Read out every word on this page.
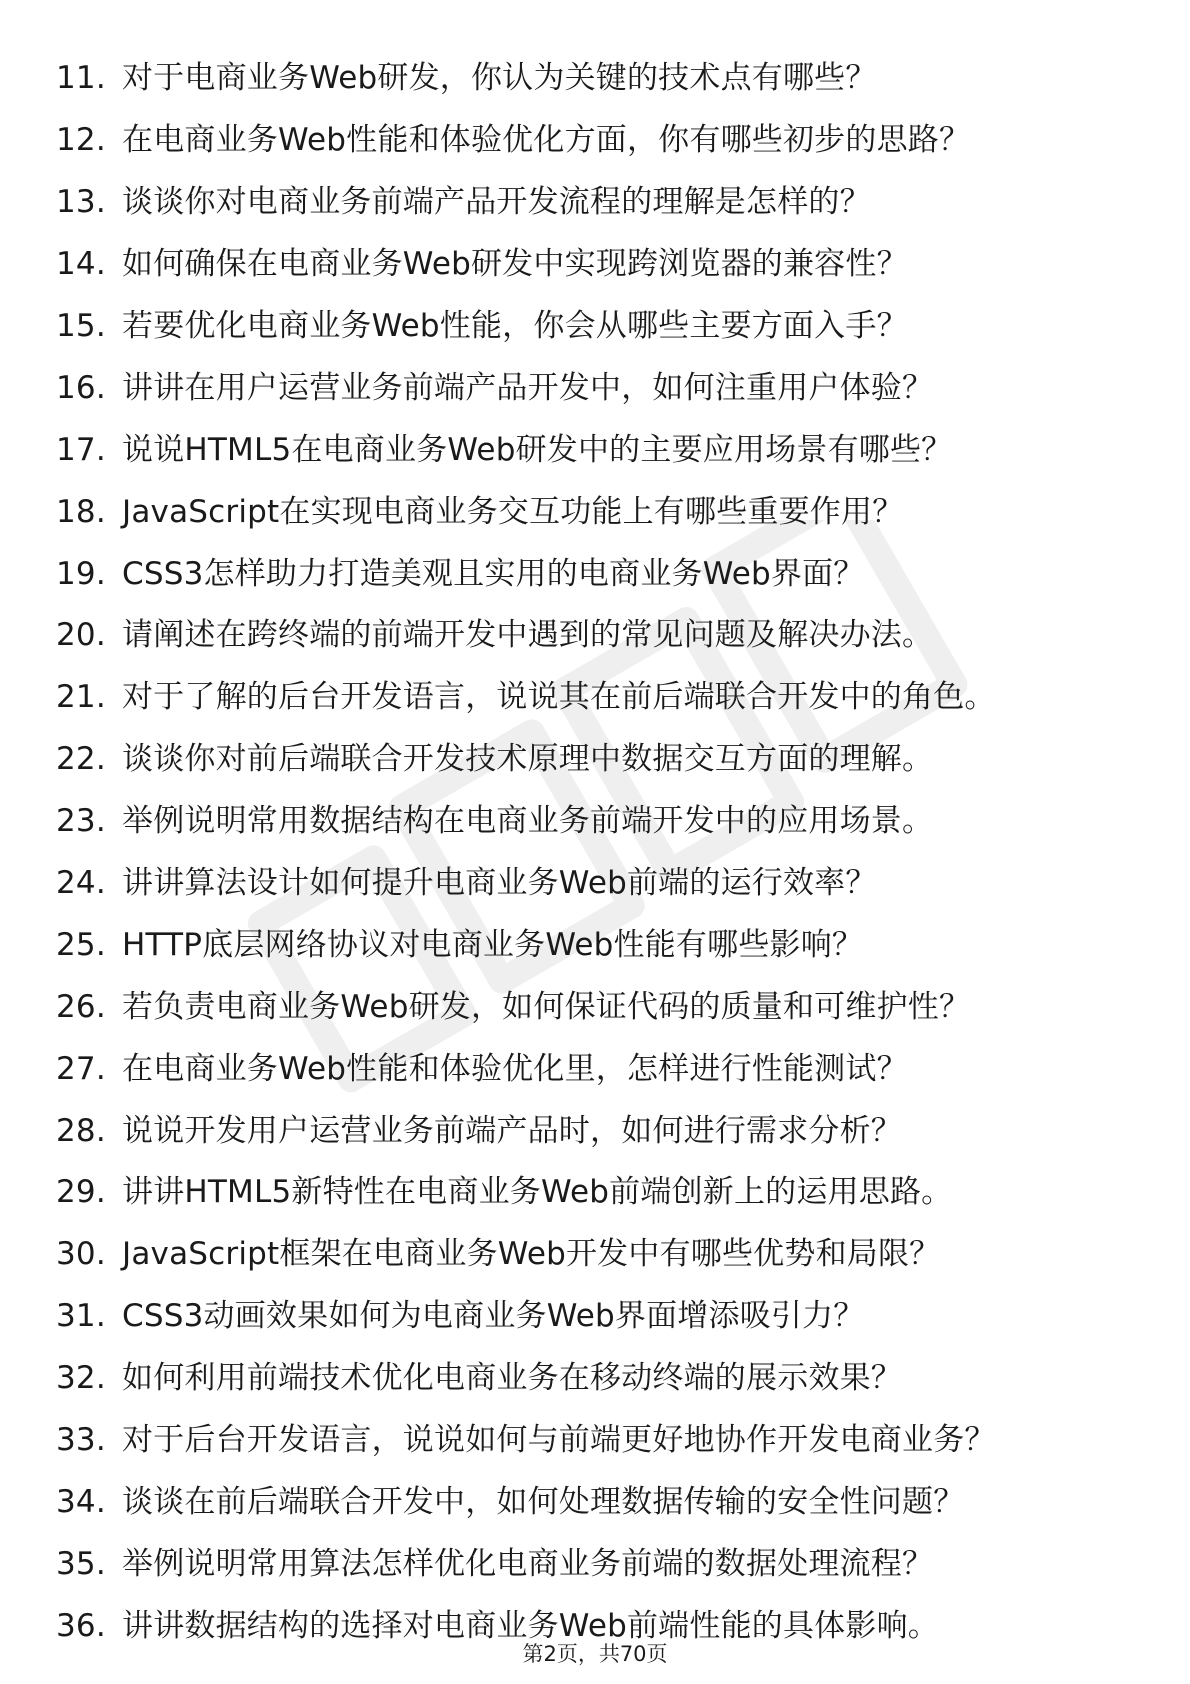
11. 对于电商业务Web研发，你认为关键的技术点有哪些？
12. 在电商业务Web性能和体验优化方面，你有哪些初步的思路？
13. 谈谈你对电商业务前端产品开发流程的理解是怎样的？
14. 如何确保在电商业务Web研发中实现跨浏览器的兼容性？
15. 若要优化电商业务Web性能，你会从哪些主要方面入手？
16. 讲讲在用户运营业务前端产品开发中，如何注重用户体验？
17. 说说HTML5在电商业务Web研发中的主要应用场景有哪些？
18. JavaScript在实现电商业务交互功能上有哪些重要作用？
19. CSS3怎样助力打造美观且实用的电商业务Web界面？
20. 请阐述在跨终端的前端开发中遇到的常见问题及解决办法。
21. 对于了解的后台开发语言，说说其在前后端联合开发中的角色。
22. 谈谈你对前后端联合开发技术原理中数据交互方面的理解。
23. 举例说明常用数据结构在电商业务前端开发中的应用场景。
24. 讲讲算法设计如何提升电商业务Web前端的运行效率？
25. HTTP底层网络协议对电商业务Web性能有哪些影响？
26. 若负责电商业务Web研发，如何保证代码的质量和可维护性？
27. 在电商业务Web性能和体验优化里，怎样进行性能测试？
28. 说说开发用户运营业务前端产品时，如何进行需求分析？
29. 讲讲HTML5新特性在电商业务Web前端创新上的运用思路。
30. JavaScript框架在电商业务Web开发中有哪些优势和局限？
31. CSS3动画效果如何为电商业务Web界面增添吸引力？
32. 如何利用前端技术优化电商业务在移动终端的展示效果？
33. 对于后台开发语言，说说如何与前端更好地协作开发电商业务？
34. 谈谈在前后端联合开发中，如何处理数据传输的安全性问题？
35. 举例说明常用算法怎样优化电商业务前端的数据处理流程？
36. 讲讲数据结构的选择对电商业务Web前端性能的具体影响。
第2页，共70页
